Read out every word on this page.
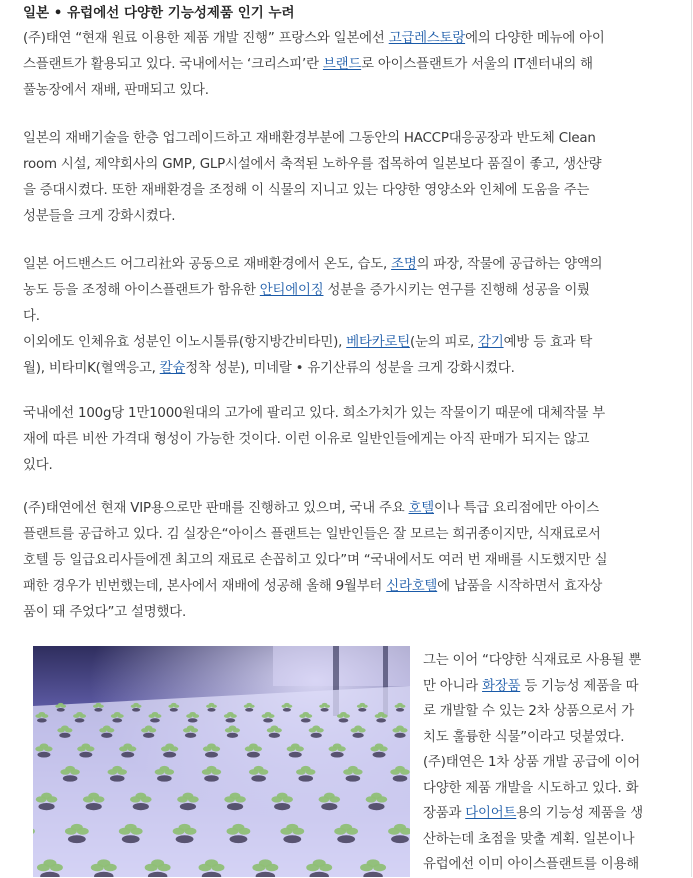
일본 • 유럽에선 다양한 기능성제품 인기 누려
(주)태연 “현재 원료 이용한 제품 개발 진행” 프랑스와 일본에선 고급레스토랑에의 다양한 메뉴에 아이
스플랜트가 활용되고 있다. 국내에서는 ‘크리스피’란 브랜드로 아이스플랜트가 서울의 IT센터내의 해
풀농장에서 재배, 판매되고 있다.
일본의 재배기술을 한층 업그레이드하고 재배환경부분에 그동안의 HACCP대응공장과 반도체 Clean
room 시설, 제약회사의 GMP, GLP시설에서 축적된 노하우를 접목하여 일본보다 품질이 좋고, 생산량
을 증대시켰다. 또한 재배환경을 조정해 이 식물의 지니고 있는 다양한 영양소와 인체에 도움을 주는
성분들을 크게 강화시켰다.
일본 어드밴스드 어그리社와 공동으로 재배환경에서 온도, 습도, 조명의 파장, 작물에 공급하는 양액의
농도 등을 조정해 아이스플랜트가 함유한 안티에이징 성분을 증가시키는 연구를 진행해 성공을 이뤘
다.
이외에도 인체유효 성분인 이노시톨류(항지방간비타민), 베타카로틴(눈의 피로, 감기예방 등 효과 탁
월), 비타미K(혈액응고, 칼슘정착 성분), 미네랄 • 유기산류의 성분을 크게 강화시켰다.
국내에선 100g당 1만1000원대의 고가에 팔리고 있다. 희소가치가 있는 작물이기 때문에 대체작물 부
재에 따른 비싼 가격대 형성이 가능한 것이다. 이런 이유로 일반인들에게는 아직 판매가 되지는 않고
있다.
(주)태연에선 현재 VIP용으로만 판매를 진행하고 있으며, 국내 주요 호텔이나 특급 요리점에만 아이스
플랜트를 공급하고 있다. 김 실장은“아이스 플랜트는 일반인들은 잘 모르는 희귀종이지만, 식재료로서
호텔 등 일급요리사들에겐 최고의 재료로 손꼽히고 있다”며 “국내에서도 여러 번 재배를 시도했지만 실
패한 경우가 빈번했는데, 본사에서 재배에 성공해 올해 9월부터 신라호텔에 납품을 시작하면서 효자상
품이 돼 주었다”고 설명했다.
그는 이어 “다양한 식재료로 사용될 뿐
만 아니라 화장품 등 기능성 제품을 따
로 개발할 수 있는 2차 상품으로서 가
치도 훌륭한 식물”이라고 덧붙였다.
(주)태연은 1차 상품 개발 공급에 이어
다양한 제품 개발을 시도하고 있다. 화
장품과 다이어트용의 기능성 제품을 생
산하는데 초점을 맞출 계획. 일본이나
유럽에선 이미 아이스플랜트를 이용해
